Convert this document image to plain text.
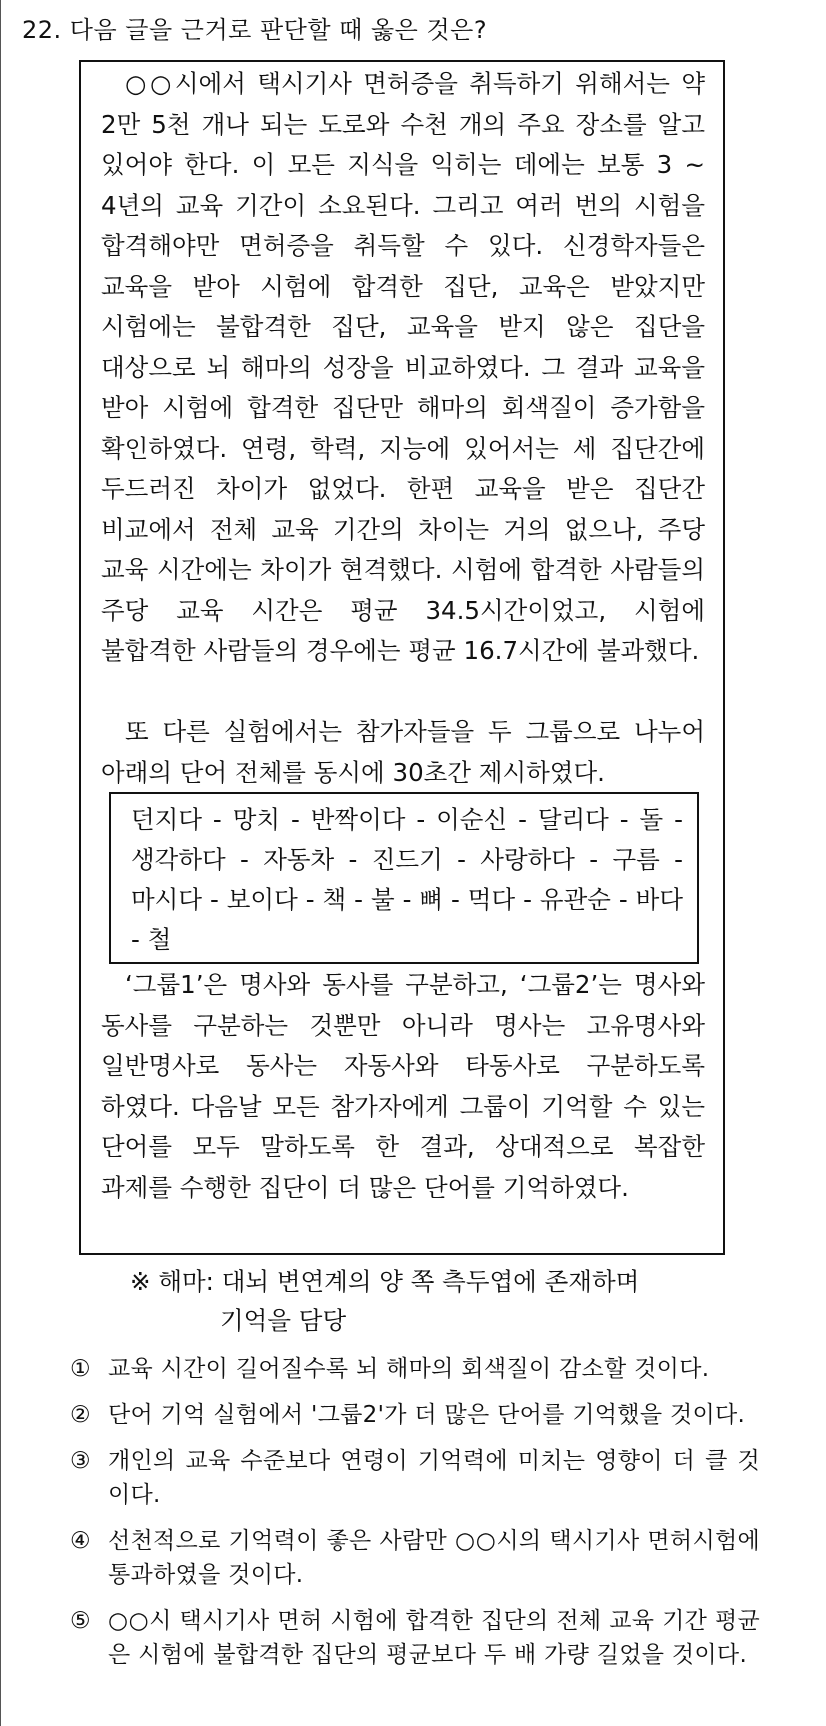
22. 다음 글을 근거로 판단할 때 옳은 것은?

○○시에서 택시기사 면허증을 취득하기 위해서는 약 2만 5천 개나 되는 도로와 수천 개의 주요 장소를 알고 있어야 한다. 이 모든 지식을 익히는 데에는 보통 3 ~ 4년의 교육 기간이 소요된다. 그리고 여러 번의 시험을 합격해야만 면허증을 취득할 수 있다. 신경학자들은 교육을 받아 시험에 합격한 집단, 교육은 받았지만 시험에는 불합격한 집단, 교육을 받지 않은 집단을 대상으로 뇌 해마의 성장을 비교하였다. 그 결과 교육을 받아 시험에 합격한 집단만 해마의 회색질이 증가함을 확인하였다. 연령, 학력, 지능에 있어서는 세 집단간에 두드러진 차이가 없었다. 한편 교육을 받은 집단간 비교에서 전체 교육 기간의 차이는 거의 없으나, 주당 교육 시간에는 차이가 현격했다. 시험에 합격한 사람들의 주당 교육 시간은 평균 34.5시간이었고, 시험에 불합격한 사람들의 경우에는 평균 16.7시간에 불과했다.

또 다른 실험에서는 참가자들을 두 그룹으로 나누어 아래의 단어 전체를 동시에 30초간 제시하였다.

던지다 - 망치 - 반짝이다 - 이순신 - 달리다 - 돌 - 생각하다 - 자동차 - 진드기 - 사랑하다 - 구름 - 마시다 - 보이다 - 책 - 불 - 뼈 - 먹다 - 유관순 - 바다 - 철

‘그룹1’은 명사와 동사를 구분하고, ‘그룹2’는 명사와 동사를 구분하는 것뿐만 아니라 명사는 고유명사와 일반명사로 동사는 자동사와 타동사로 구분하도록 하였다. 다음날 모든 참가자에게 그룹이 기억할 수 있는 단어를 모두 말하도록 한 결과, 상대적으로 복잡한 과제를 수행한 집단이 더 많은 단어를 기억하였다.

※ 해마: 대뇌 변연계의 양 쪽 측두엽에 존재하며
기억을 담당
① 교육 시간이 길어질수록 뇌 해마의 회색질이 감소할 것이다.
② 단어 기억 실험에서 '그룹2'가 더 많은 단어를 기억했을 것이다.
③ 개인의 교육 수준보다 연령이 기억력에 미치는 영향이 더 클 것이다.
④ 선천적으로 기억력이 좋은 사람만 ○○시의 택시기사 면허시험에 통과하였을 것이다.
⑤ ○○시 택시기사 면허 시험에 합격한 집단의 전체 교육 기간 평균은 시험에 불합격한 집단의 평균보다 두 배 가량 길었을 것이다.
